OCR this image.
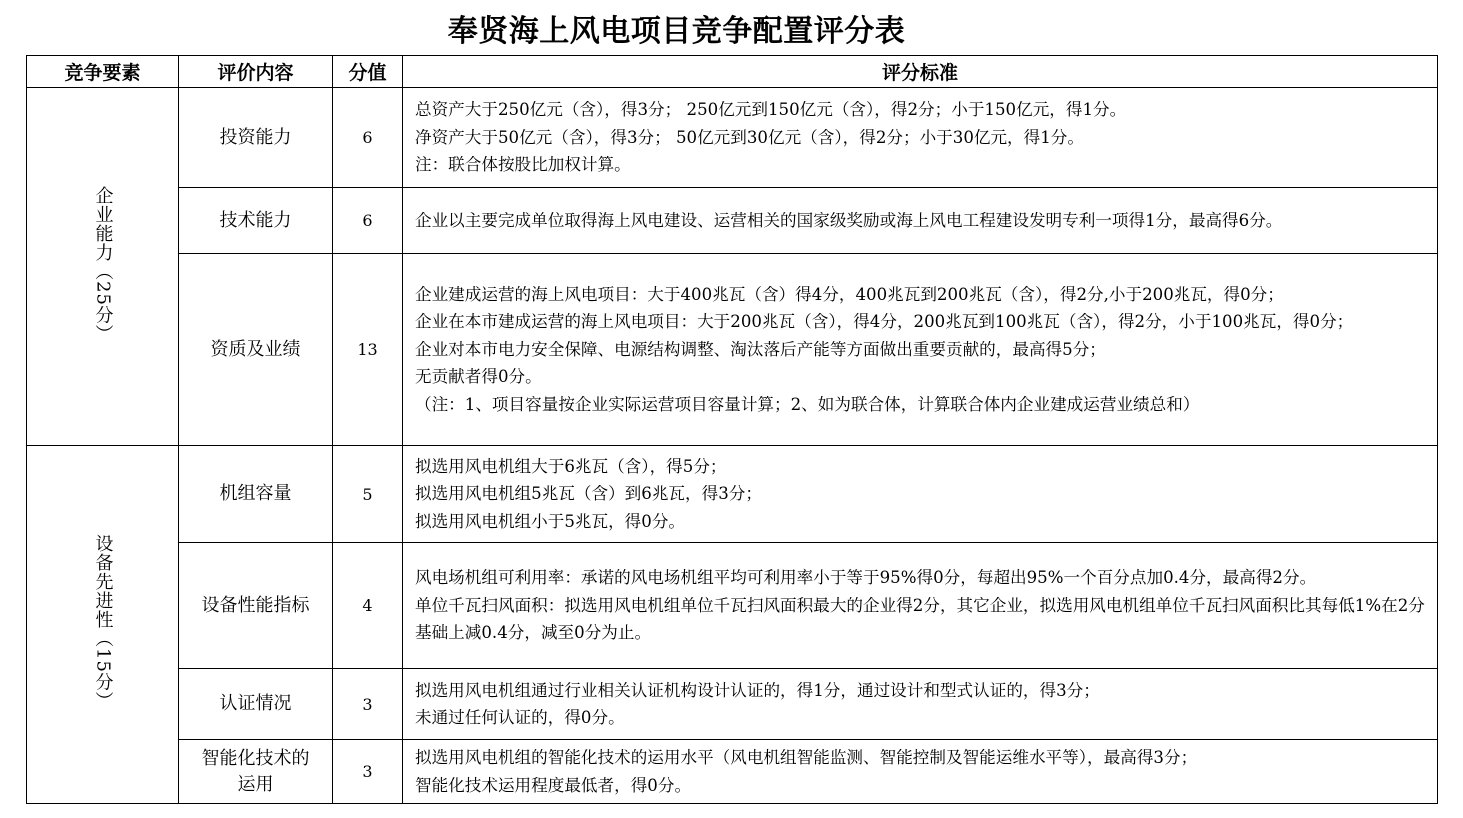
奉贤海上风电项目竞争配置评分表
竞争要素	评价内容	分值	评分标准
企业能力（25分）	投资能力	6	总资产大于250亿元（含），得3分； 250亿元到150亿元（含），得2分；小于150亿元，得1分。
净资产大于50亿元（含），得3分； 50亿元到30亿元（含），得2分；小于30亿元，得1分。
注：联合体按股比加权计算。

	技术能力	6	企业以主要完成单位取得海上风电建设、运营相关的国家级奖励或海上风电工程建设发明专利一项得1分，最高得6分。

	资质及业绩	13	企业建成运营的海上风电项目：大于400兆瓦（含）得4分，400兆瓦到200兆瓦（含），得2分,小于200兆瓦，得0分；
企业在本市建成运营的海上风电项目：大于200兆瓦（含），得4分，200兆瓦到100兆瓦（含），得2分，小于100兆瓦，得0分；
企业对本市电力安全保障、电源结构调整、淘汰落后产能等方面做出重要贡献的，最高得5分；
无贡献者得0分。
（注：1、项目容量按企业实际运营项目容量计算；2、如为联合体，计算联合体内企业建成运营业绩总和）

设备先进性（15分）	机组容量	5	拟选用风电机组大于6兆瓦（含），得5分；
拟选用风电机组5兆瓦（含）到6兆瓦，得3分；
拟选用风电机组小于5兆瓦，得0分。

	设备性能指标	4	风电场机组可利用率：承诺的风电场机组平均可利用率小于等于95%得0分，每超出95%一个百分点加0.4分，最高得2分。
单位千瓦扫风面积：拟选用风电机组单位千瓦扫风面积最大的企业得2分，其它企业，拟选用风电机组单位千瓦扫风面积比其每低1%在2分基础上减0.4分，减至0分为止。

	认证情况	3	拟选用风电机组通过行业相关认证机构设计认证的，得1分，通过设计和型式认证的，得3分；
未通过任何认证的，得0分。

	智能化技术的运用	3	拟选用风电机组的智能化技术的运用水平（风电机组智能监测、智能控制及智能运维水平等），最高得3分；
智能化技术运用程度最低者，得0分。
